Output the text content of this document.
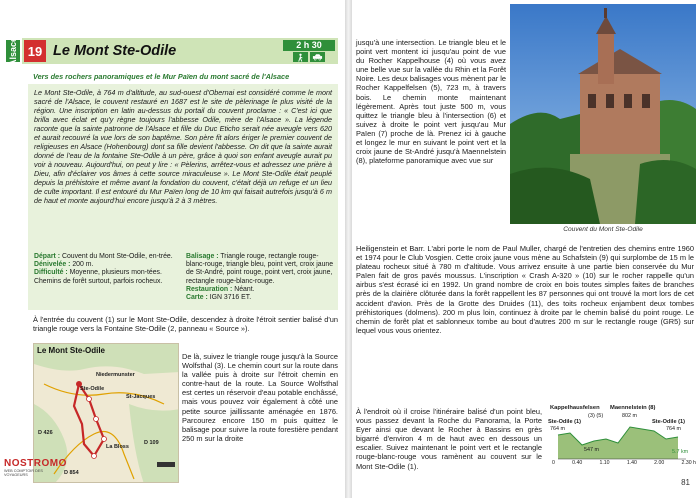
Alsace 19 Le Mont Ste-Odile	2 h 30
Vers des rochers panoramiques et le Mur Païen du mont sacré de l'Alsace
Le Mont Ste-Odile, à 764 m d'altitude, au sud-ouest d'Obernai est considéré comme le mont sacré de l'Alsace, le couvent restauré en 1687 est le site de pèlerinage le plus visité de la région. Une inscription en latin au-dessus du portail du couvent proclame : « C'est ici que brilla avec éclat et qu'y règne toujours l'abbesse Odile, mère de l'Alsace ». La légende raconte que la sainte patronne de l'Alsace et fille du Duc Eticho serait née aveugle vers 620 et aurait recouvré la vue lors de son baptême. Son père fit alors ériger le premier couvent de religieuses en Alsace (Hohenbourg) dont sa fille devient l'abbesse. On dit que la sainte aurait donné de l'eau de la fontaine Ste-Odile à un père, grâce à quoi son enfant aveugle aurait pu voir à nouveau. Aujourd'hui, on peut y lire : « Pèlerins, arrêtez-vous et adressez une prière à Dieu, afin d'éclairer vos âmes à cette source miraculeuse ». Le Mont Ste-Odile était peuplé depuis la préhistoire et même avant la fondation du couvent, c'était déjà un refuge et un lieu de culte important. Il est entouré du Mur Païen long de 10 km qui faisait autrefois jusqu'à 6 m de haut et monte aujourd'hui encore jusqu'à 2 à 3 mètres.
Départ : Couvent du Mont Ste-Odile, en-trée.
Dénivelée : 200 m.
Difficulté : Moyenne, plusieurs mon-tées. Chemins de forêt surtout, parfois rocheux.
Balisage : Triangle rouge, rectangle rouge-blanc-rouge, triangle bleu, point vert, croix jaune de St-André, point rouge, point vert, croix jaune, rectangle rouge-blanc-rouge.
Restauration : Néant.
Carte : IGN 3716 ET.
À l'entrée du couvent (1) sur le Mont Ste-Odile, descendez à droite l'étroit sentier balisé d'un triangle rouge vers la Fontaine Ste-Odile (2, panneau « Source »).
Le Mont Ste-Odile
Niedermunster
Ste-Odile
St-Jacques
La Bloss
D 426
D 109
D 854
De là, suivez le triangle rouge jusqu'à la Source Wolfsthal (3). Le chemin court sur la route dans la vallée puis à droite sur l'étroit chemin en contre-haut de la route. La Source Wolfsthal est certes un réservoir d'eau potable enchâssé, mais vous pouvez voir également à côté une petite source jaillissante aménagée en 1876. Parcourez encore 150 m puis quittez le balisage pour suivre la route forestière pendant 250 m sur la droite
NOSTROMO
WEB COMPTOIR DES VOYAGEURS
jusqu'à une intersection. Le triangle bleu et le point vert montent ici jusqu'au point de vue du Rocher Kappelhouse (4) où vous avez une belle vue sur la vallée du Rhin et la Forêt Noire. Les deux balisages vous mènent par le Rocher Kappelfelsen (5), 723 m, à travers bois. Le chemin monte maintenant légèrement. Après tout juste 500 m, vous quittez le triangle bleu à l'intersection (6) et suivez à droite le point vert jusqu'au Mur Païen (7) proche de là. Prenez ici à gauche et longez le mur en suivant le point vert et la croix jaune de St-André jusqu'à Maennelstein (8), plateforme panoramique avec vue sur
Couvent du Mont Ste-Odile
Heiligenstein et Barr. L'abri porte le nom de Paul Muller, chargé de l'entretien des chemins entre 1960 et 1974 pour le Club Vosgien. Cette croix jaune vous mène au Schafstein (9) qui surplombe de 15 m le plateau rocheux situé à 780 m d'altitude. Vous arrivez ensuite à une partie bien conservée du Mur Païen fait de gros pavés moussus. L'inscription « Crash A-320 » (10) sur le rocher rappelle qu'un airbus s'est écrasé ici en 1992. Un grand nombre de croix en bois toutes simples faites de branches près de la clairière clôturée dans la forêt rappellent les 87 personnes qui ont trouvé la mort lors de cet accident d'avion. Près de la Grotte des Druides (11), des toits rocheux enjambent deux tombes préhistoriques (dolmens). 200 m plus loin, continuez à droite par le chemin balisé du point rouge. Le chemin de forêt plat et sablonneux tombe au bout d'autres 200 m sur le rectangle rouge (GR5) sur lequel vous vous orientez.
À l'endroit où il croise l'itinéraire balisé d'un point bleu, vous passez devant la Roche du Panorama, la Porte Eyer ainsi que devant le Rocher à Bassins en grès bigarré d'environ 4 m de haut avec en dessous un escalier. Suivez maintenant le point vert et le rectangle rouge-blanc-rouge vous ramènent au couvent sur le Mont Ste-Odile (1).
Kappelhausfelsen Maennelstein (8)
Ste-Odile (1)	Ste-Odile (1)
(3) (5)
764 m
547 m
802 m
764 m
5.7 km
0	0.40	1.10	1.40	2.00	2.30 h
81
